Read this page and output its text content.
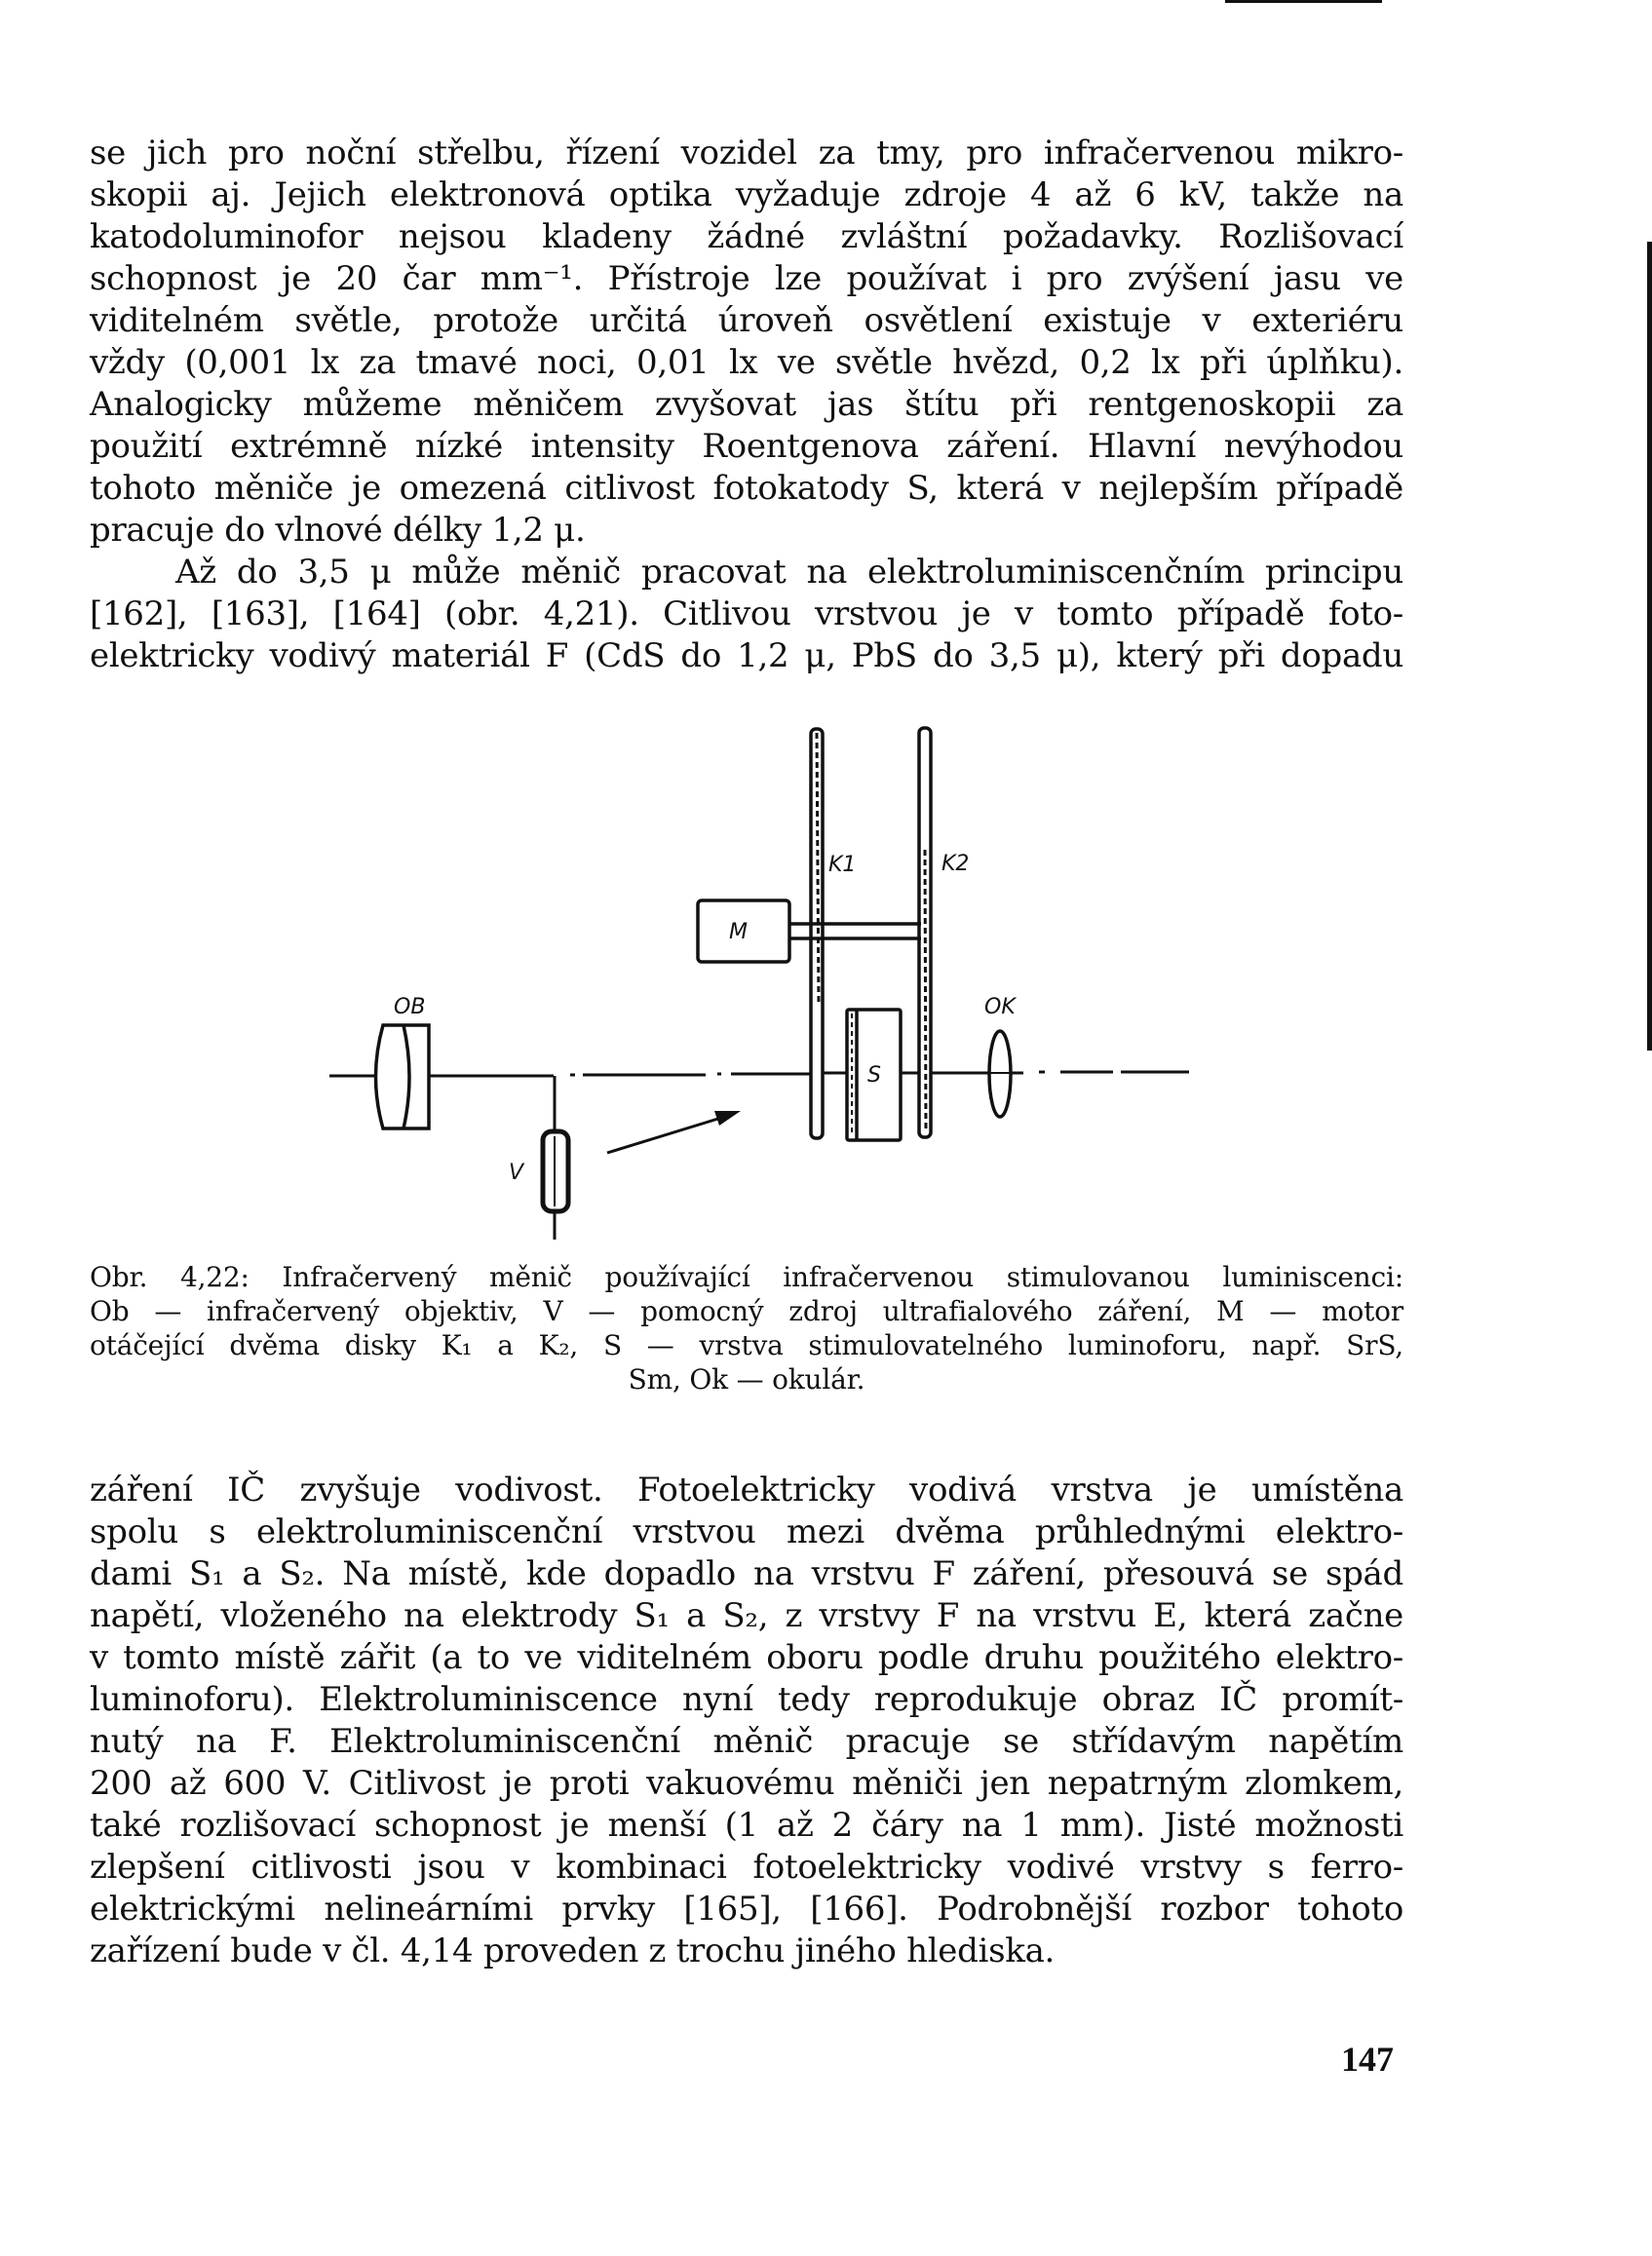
se jich pro noční střelbu, řízení vozidel za tmy, pro infračervenou mikro-
skopii aj. Jejich elektronová optika vyžaduje zdroje 4 až 6 kV, takže na
katodoluminofor nejsou kladeny žádné zvláštní požadavky. Rozlišovací
schopnost je 20 čar mm⁻¹. Přístroje lze používat i pro zvýšení jasu ve
viditelném světle, protože určitá úroveň osvětlení existuje v exteriéru
vždy (0,001 lx za tmavé noci, 0,01 lx ve světle hvězd, 0,2 lx při úplňku).
Analogicky můžeme měničem zvyšovat jas štítu při rentgenoskopii za
použití extrémně nízké intensity Roentgenova záření. Hlavní nevýhodou
tohoto měniče je omezená citlivost fotokatody S, která v nejlepším případě
pracuje do vlnové délky 1,2 μ.
Až do 3,5 μ může měnič pracovat na elektroluminiscenčním principu
[162], [163], [164] (obr. 4,21). Citlivou vrstvou je v tomto případě foto-
elektricky vodivý materiál F (CdS do 1,2 μ, PbS do 3,5 μ), který při dopadu
OB
V
K1	K2
M
S
OK
Obr. 4,22: Infračervený měnič používající infračervenou stimulovanou luminiscenci:
Ob — infračervený objektiv, V — pomocný zdroj ultrafialového záření, M — motor
otáčející dvěma disky K₁ a K₂, S — vrstva stimulovatelného luminoforu, např. SrS,
Sm, Ok — okulár.
záření IČ zvyšuje vodivost. Fotoelektricky vodivá vrstva je umístěna
spolu s elektroluminiscenční vrstvou mezi dvěma průhlednými elektro-
dami S₁ a S₂. Na místě, kde dopadlo na vrstvu F záření, přesouvá se spád
napětí, vloženého na elektrody S₁ a S₂, z vrstvy F na vrstvu E, která začne
v tomto místě zářit (a to ve viditelném oboru podle druhu použitého elektro-
luminoforu). Elektroluminiscence nyní tedy reprodukuje obraz IČ promít-
nutý na F. Elektroluminiscenční měnič pracuje se střídavým napětím
200 až 600 V. Citlivost je proti vakuovému měniči jen nepatrným zlomkem,
také rozlišovací schopnost je menší (1 až 2 čáry na 1 mm). Jisté možnosti
zlepšení citlivosti jsou v kombinaci fotoelektricky vodivé vrstvy s ferro-
elektrickými nelineárními prvky [165], [166]. Podrobnější rozbor tohoto
zařízení bude v čl. 4,14 proveden z trochu jiného hlediska.
147
